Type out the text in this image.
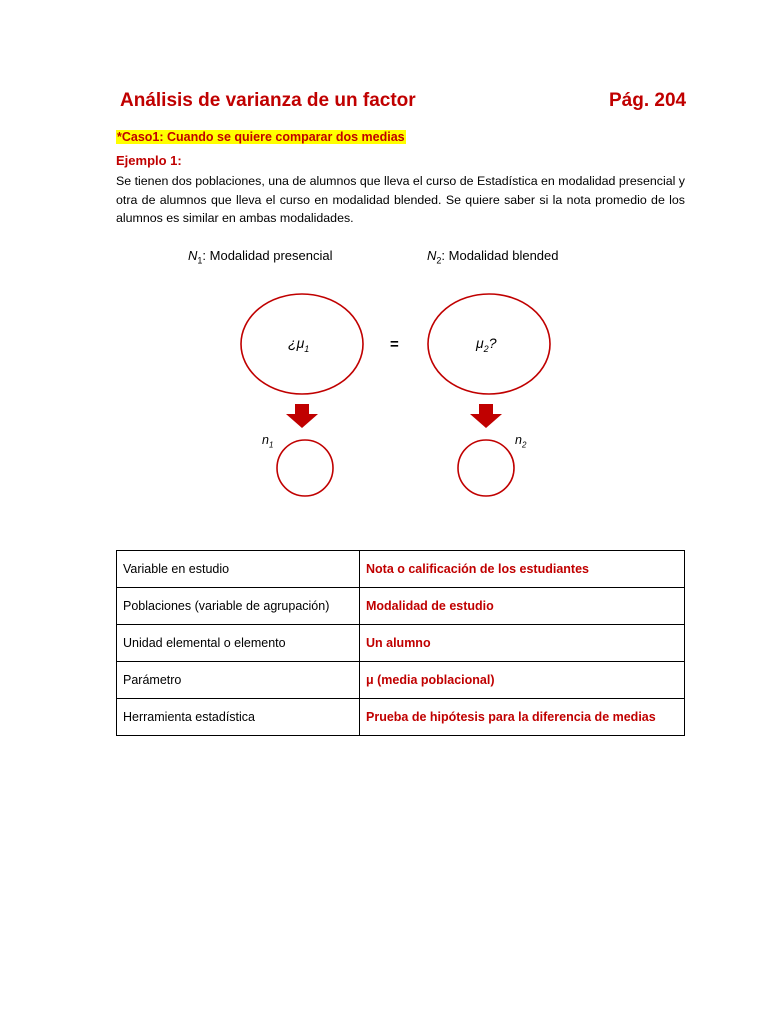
Análisis de varianza de un factor	Pág. 204
*Caso1: Cuando se quiere comparar dos medias
Ejemplo 1:
Se tienen dos poblaciones, una de alumnos que lleva el curso de Estadística en modalidad presencial y otra de alumnos que lleva el curso en modalidad blended. Se quiere saber si la nota promedio de los alumnos es similar en ambas modalidades.
$N_1$: Modalidad presencial	$N_2$: Modalidad blended
¿$\mu_1$	=	$\mu_2$?
$n_1$	$n_2$
Variable en estudio	Nota o calificación de los estudiantes
Poblaciones (variable de agrupación)	Modalidad de estudio
Unidad elemental o elemento	Un alumno
Parámetro	μ (media poblacional)
Herramienta estadística	Prueba de hipótesis para la diferencia de medias
